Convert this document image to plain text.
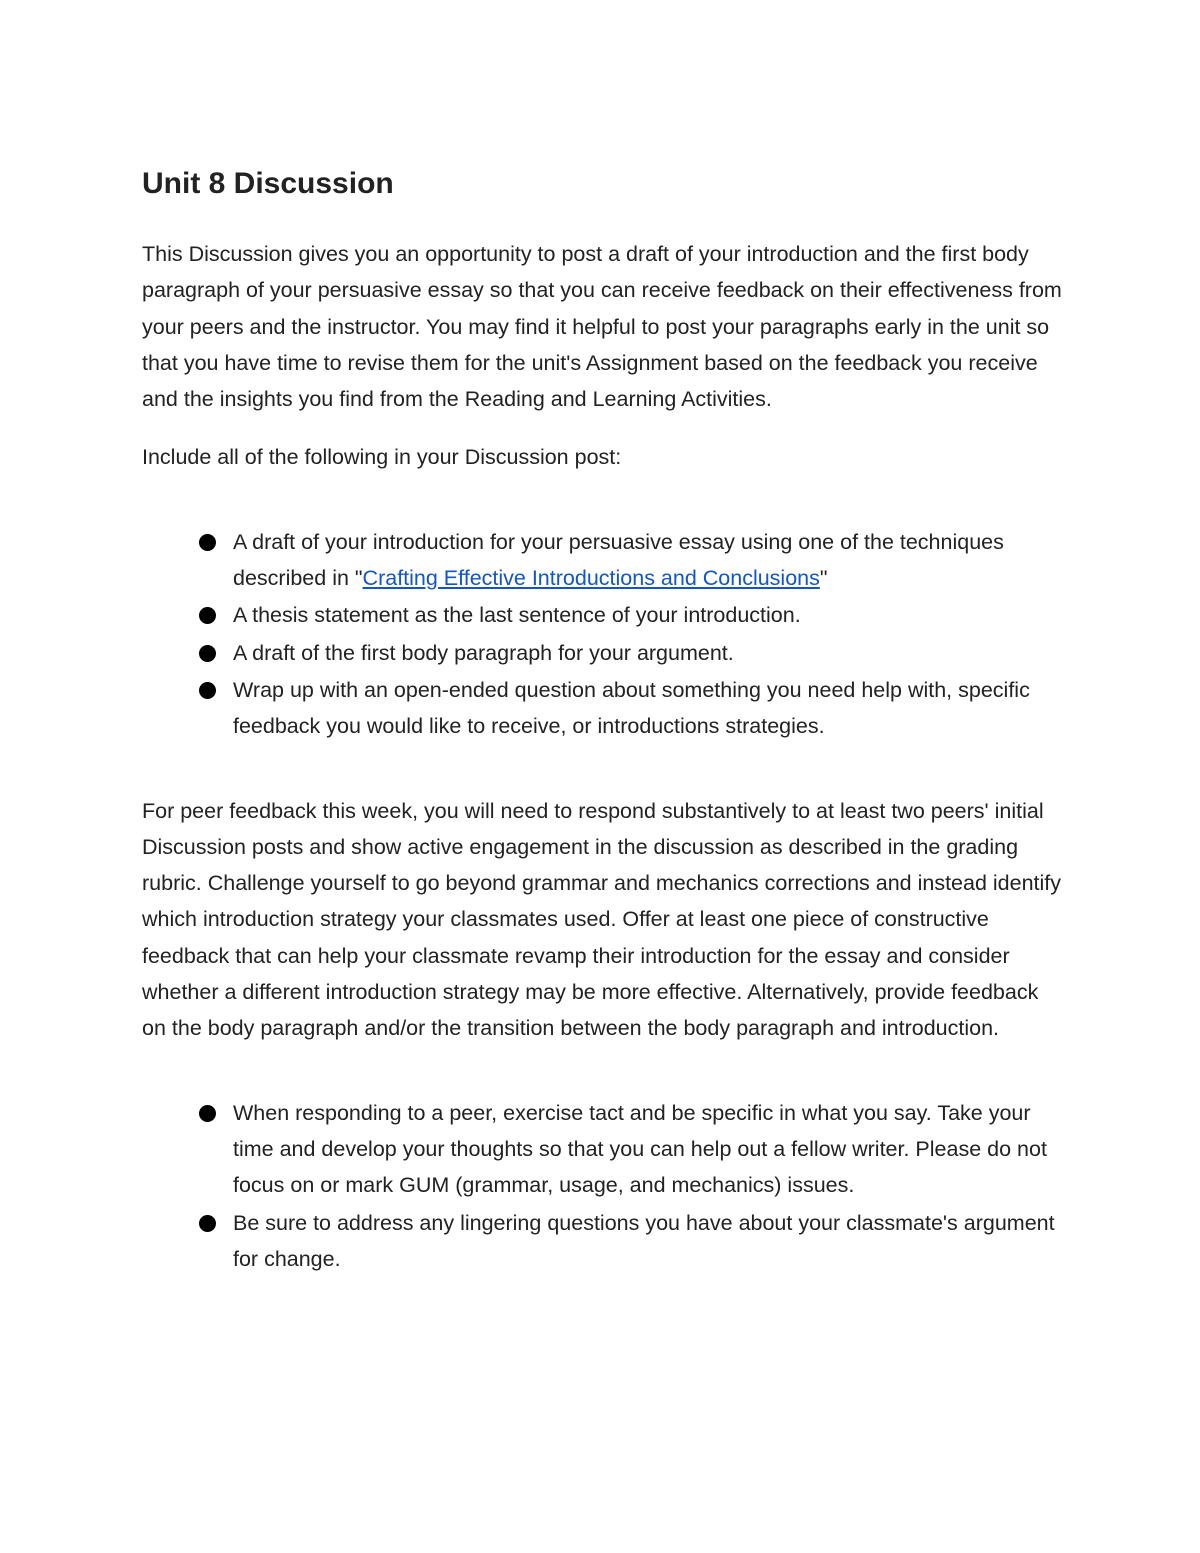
Unit 8 Discussion

This Discussion gives you an opportunity to post a draft of your introduction and the first body paragraph of your persuasive essay so that you can receive feedback on their effectiveness from your peers and the instructor. You may find it helpful to post your paragraphs early in the unit so that you have time to revise them for the unit's Assignment based on the feedback you receive and the insights you find from the Reading and Learning Activities.

Include all of the following in your Discussion post:

A draft of your introduction for your persuasive essay using one of the techniques described in "Crafting Effective Introductions and Conclusions"
A thesis statement as the last sentence of your introduction.
A draft of the first body paragraph for your argument.
Wrap up with an open-ended question about something you need help with, specific feedback you would like to receive, or introductions strategies.

For peer feedback this week, you will need to respond substantively to at least two peers' initial Discussion posts and show active engagement in the discussion as described in the grading rubric. Challenge yourself to go beyond grammar and mechanics corrections and instead identify which introduction strategy your classmates used. Offer at least one piece of constructive feedback that can help your classmate revamp their introduction for the essay and consider whether a different introduction strategy may be more effective. Alternatively, provide feedback on the body paragraph and/or the transition between the body paragraph and introduction.

When responding to a peer, exercise tact and be specific in what you say. Take your time and develop your thoughts so that you can help out a fellow writer. Please do not focus on or mark GUM (grammar, usage, and mechanics) issues.
Be sure to address any lingering questions you have about your classmate's argument for change.
